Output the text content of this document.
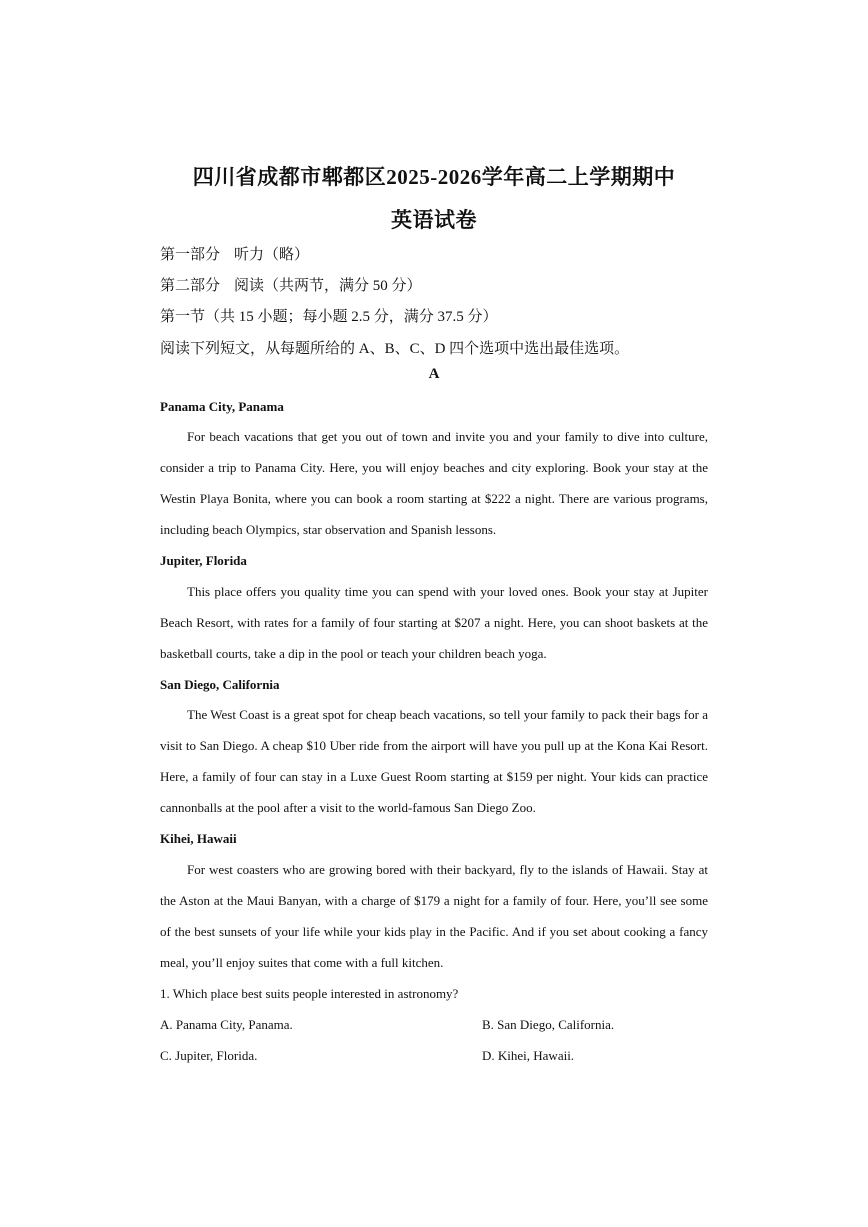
四川省成都市郫都区2025-2026学年高二上学期期中
英语试卷
第一部分 听力（略）
第二部分 阅读（共两节，满分 50 分）
第一节（共 15 小题；每小题 2.5 分，满分 37.5 分）
阅读下列短文，从每题所给的 A、B、C、D 四个选项中选出最佳选项。
A
Panama City, Panama

For beach vacations that get you out of town and invite you and your family to dive into culture, consider a trip to Panama City. Here, you will enjoy beaches and city exploring. Book your stay at the Westin Playa Bonita, where you can book a room starting at $222 a night. There are various programs, including beach Olympics, star observation and Spanish lessons.

Jupiter, Florida

This place offers you quality time you can spend with your loved ones. Book your stay at Jupiter Beach Resort, with rates for a family of four starting at $207 a night. Here, you can shoot baskets at the basketball courts, take a dip in the pool or teach your children beach yoga.

San Diego, California

The West Coast is a great spot for cheap beach vacations, so tell your family to pack their bags for a visit to San Diego. A cheap $10 Uber ride from the airport will have you pull up at the Kona Kai Resort. Here, a family of four can stay in a Luxe Guest Room starting at $159 per night. Your kids can practice cannonballs at the pool after a visit to the world-famous San Diego Zoo.

Kihei, Hawaii

For west coasters who are growing bored with their backyard, fly to the islands of Hawaii. Stay at the Aston at the Maui Banyan, with a charge of $179 a night for a family of four. Here, you’ll see some of the best sunsets of your life while your kids play in the Pacific. And if you set about cooking a fancy meal, you’ll enjoy suites that come with a full kitchen.

1. Which place best suits people interested in astronomy?
A. Panama City, Panama.	B. San Diego, California.
C. Jupiter, Florida.	D. Kihei, Hawaii.
